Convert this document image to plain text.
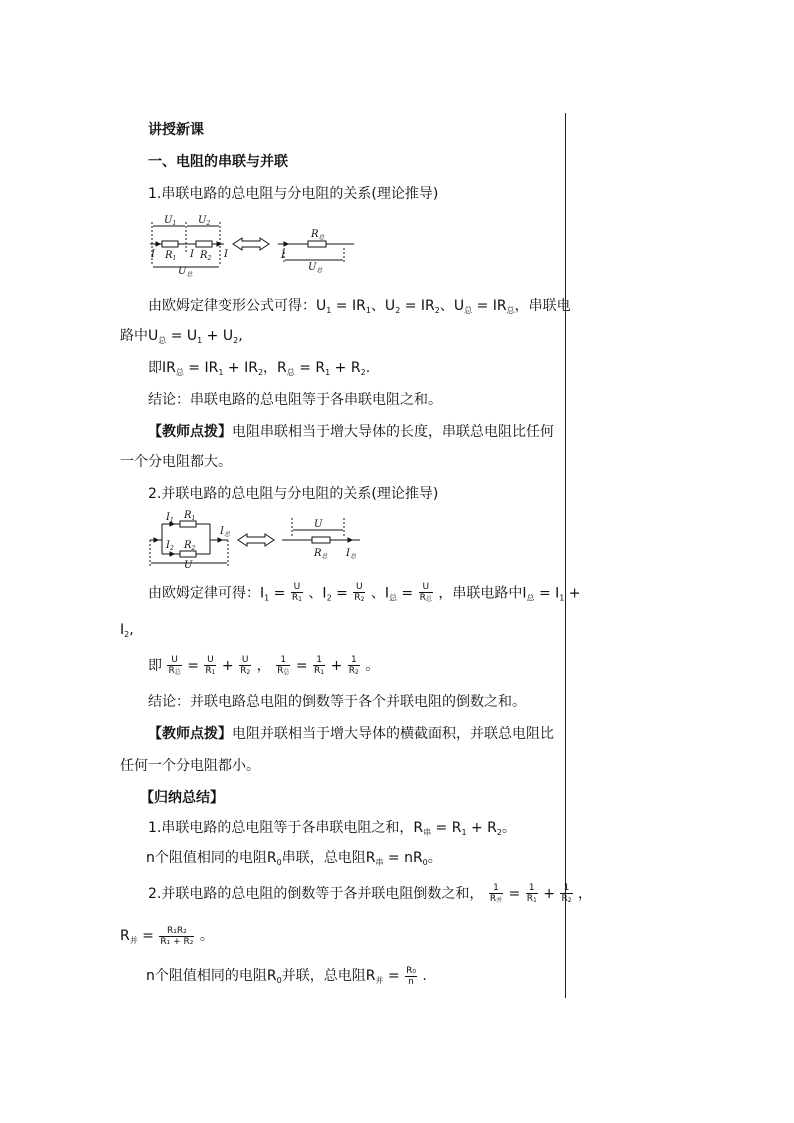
讲授新课
一、电阻的串联与并联
1.串联电路的总电阻与分电阻的关系(理论推导)
$U_1$ $U_2$
I $R_1$ I $R_2$ I
$U_总$
$R_总$
I
$U_总$
由欧姆定律变形公式可得：$U_1 = IR_1$、$U_2 = IR_2$、$U_总 = IR_总$，串联电
路中$U_总 = U_1 + U_2$,
即$IR_总 = IR_1 + IR_2$，$R_总 = R_1 + R_2$.
结论：串联电路的总电阻等于各串联电阻之和。
【教师点拨】电阻串联相当于增大导体的长度，串联总电阻比任何
一个分电阻都大。
2.并联电路的总电阻与分电阻的关系(理论推导)
$I_1$ $R_1$
$I_2$ $R_2$
U
$I_总$
U
$R_总$ $I_总$
由欧姆定律可得：$I_1 = \frac{U}{R1}$ 、$I_2 = \frac{U}{R2}$ 、$I_总 = \frac{U}{\text{R总}}$ ，串联电路中$I_总 = I_1$ +
$I_2$,
即 $\frac{U}{\text{R总}} = \frac{U}{R1} + \frac{U}{R2}$ ， $\frac{1}{\text{R总}} = \frac{1}{R1} + \frac{1}{R2}$ 。
结论：并联电路总电阻的倒数等于各个并联电阻的倒数之和。
【教师点拨】电阻并联相当于增大导体的横截面积，并联总电阻比
任何一个分电阻都小。
【归纳总结】
1.串联电路的总电阻等于各串联电阻之和，$R_串 = R_1 + R_2$。
n个阻值相同的电阻$R_0$串联，总电阻$R_串 = nR_0$。
2.并联电路的总电阻的倒数等于各并联电阻倒数之和， $\frac{1}{\text{R并}} = \frac{1}{R1} + \frac{1}{R2}$ ，
$R_并 = \frac{\text{R₁R₂}}{\text{R₁ + R₂}}$ 。
n个阻值相同的电阻$R_0$并联，总电阻$R_并 = \frac{\text{R₀}}{n}$ .
